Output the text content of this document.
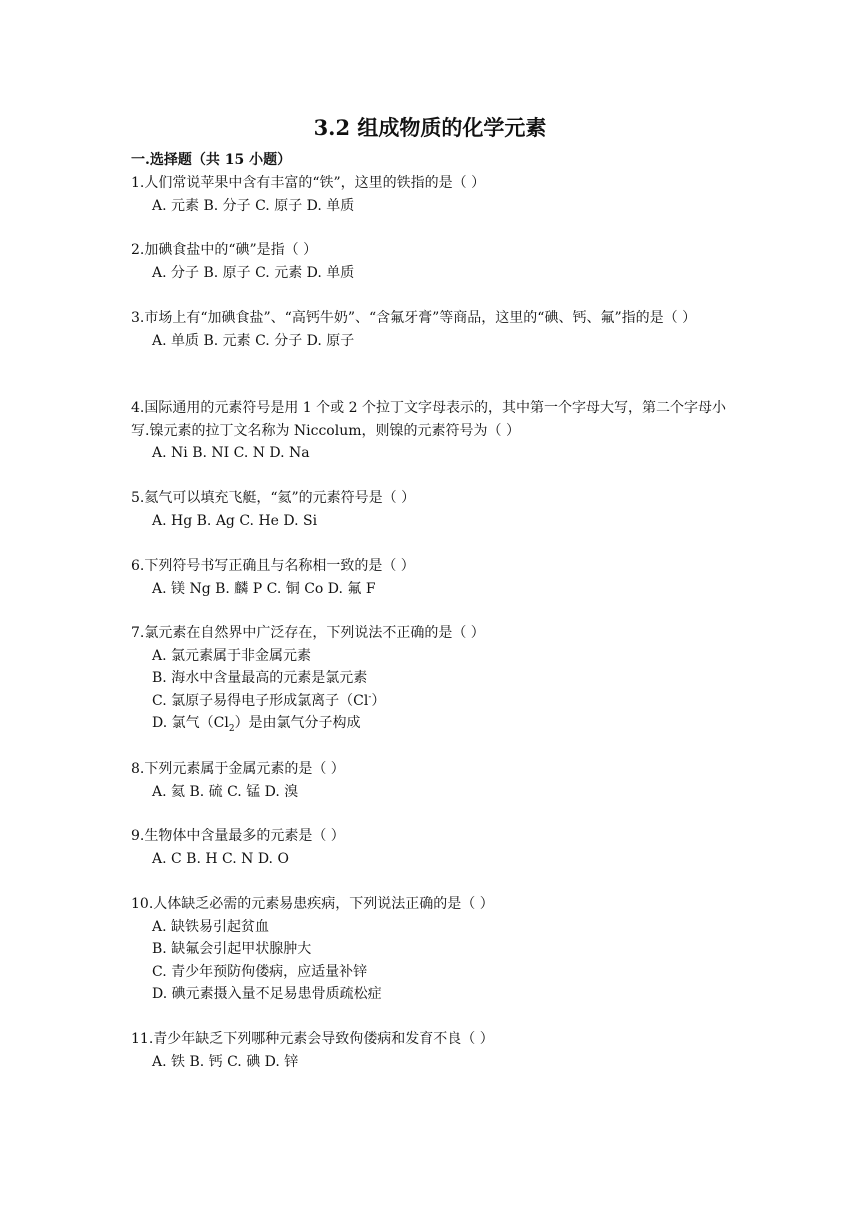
3.2 组成物质的化学元素
一.选择题（共 15 小题）

1.人们常说苹果中含有丰富的“铁”，这里的铁指的是（ ）

A. 元素 B. 分子 C. 原子 D. 单质

2.加碘食盐中的“碘”是指（ ）

A. 分子 B. 原子 C. 元素 D. 单质

3.市场上有“加碘食盐”、“高钙牛奶”、“含氟牙膏”等商品，这里的“碘、钙、氟”指的是（ ）

A. 单质 B. 元素 C. 分子 D. 原子

4.国际通用的元素符号是用 1 个或 2 个拉丁文字母表示的，其中第一个字母大写，第二个字母小写.镍元素的拉丁文名称为 Niccolum，则镍的元素符号为（ ）

A. Ni B. NI C. N D. Na

5.氦气可以填充飞艇，“氦”的元素符号是（ ）

A. Hg B. Ag C. He D. Si

6.下列符号书写正确且与名称相一致的是（ ）

A. 镁 Ng B. 麟 P C. 铜 Co D. 氟 F

7.氯元素在自然界中广泛存在，下列说法不正确的是（ ）

A. 氯元素属于非金属元素

B. 海水中含量最高的元素是氯元素

C. 氯原子易得电子形成氯离子（Cl-）

D. 氯气$(Cl_2)$是由氯气分子构成

8.下列元素属于金属元素的是（ ）

A. 氦 B. 硫 C. 锰 D. 溴

9.生物体中含量最多的元素是（ ）

A. C B. H C. N D. O

10.人体缺乏必需的元素易患疾病，下列说法正确的是（ ）

A. 缺铁易引起贫血

B. 缺氟会引起甲状腺肿大

C. 青少年预防佝偻病，应适量补锌

D. 碘元素摄入量不足易患骨质疏松症

11.青少年缺乏下列哪种元素会导致佝偻病和发育不良（ ）

A. 铁 B. 钙 C. 碘 D. 锌
